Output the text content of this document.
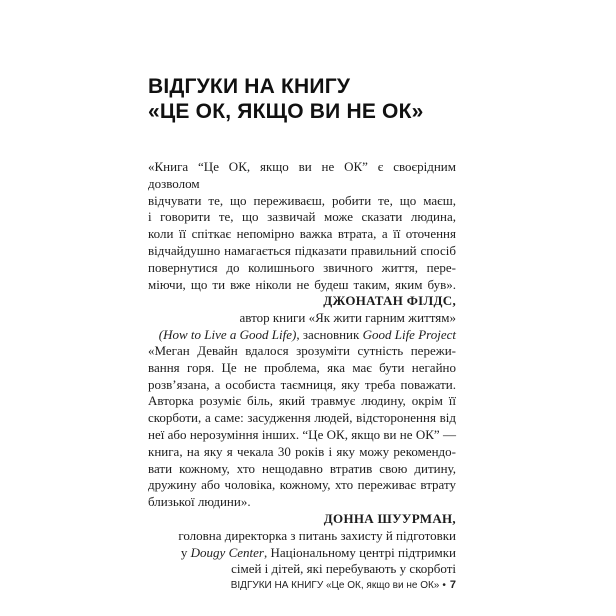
ВІДГУКИ НА КНИГУ
«ЦЕ ОК, ЯКЩО ВИ НЕ ОК»
«Книга “Це ОК, якщо ви не ОК” є своєрідним дозволом
відчувати те, що переживаєш, робити те, що маєш,
і говорити те, що зазвичай може сказати людина,
коли її спіткає непомірно важка втрата, а її оточення
відчайдушно намагається підказати правильний спосіб
повернутися до колишнього звичного життя, пере-
міючи, що ти вже ніколи не будеш таким, яким був».
ДЖОНАТАН ФІЛДС,
автор книги «Як жити гарним життям»
(How to Live a Good Life), засновник Good Life Project
«Меган Девайн вдалося зрозуміти сутність пережи-
вання горя. Це не проблема, яка має бути негайно
розв’язана, а особиста таємниця, яку треба поважати.
Авторка розуміє біль, який травмує людину, окрім її
скорботи, а саме: засудження людей, відсторонення від
неї або нерозуміння інших. “Це ОК, якщо ви не ОК” —
книга, на яку я чекала 30 років і яку можу рекомендо-
вати кожному, хто нещодавно втратив свою дитину,
дружину або чоловіка, кожному, хто переживає втрату
близької людини».
ДОННА ШУУРМАН,
головна директорка з питань захисту й підготовки
у Dougy Center, Національному центрі підтримки
сімей і дітей, які перебувають у скорботі
ВІДГУКИ НА КНИГУ «Це ОК, якщо ви не ОК» • 7
